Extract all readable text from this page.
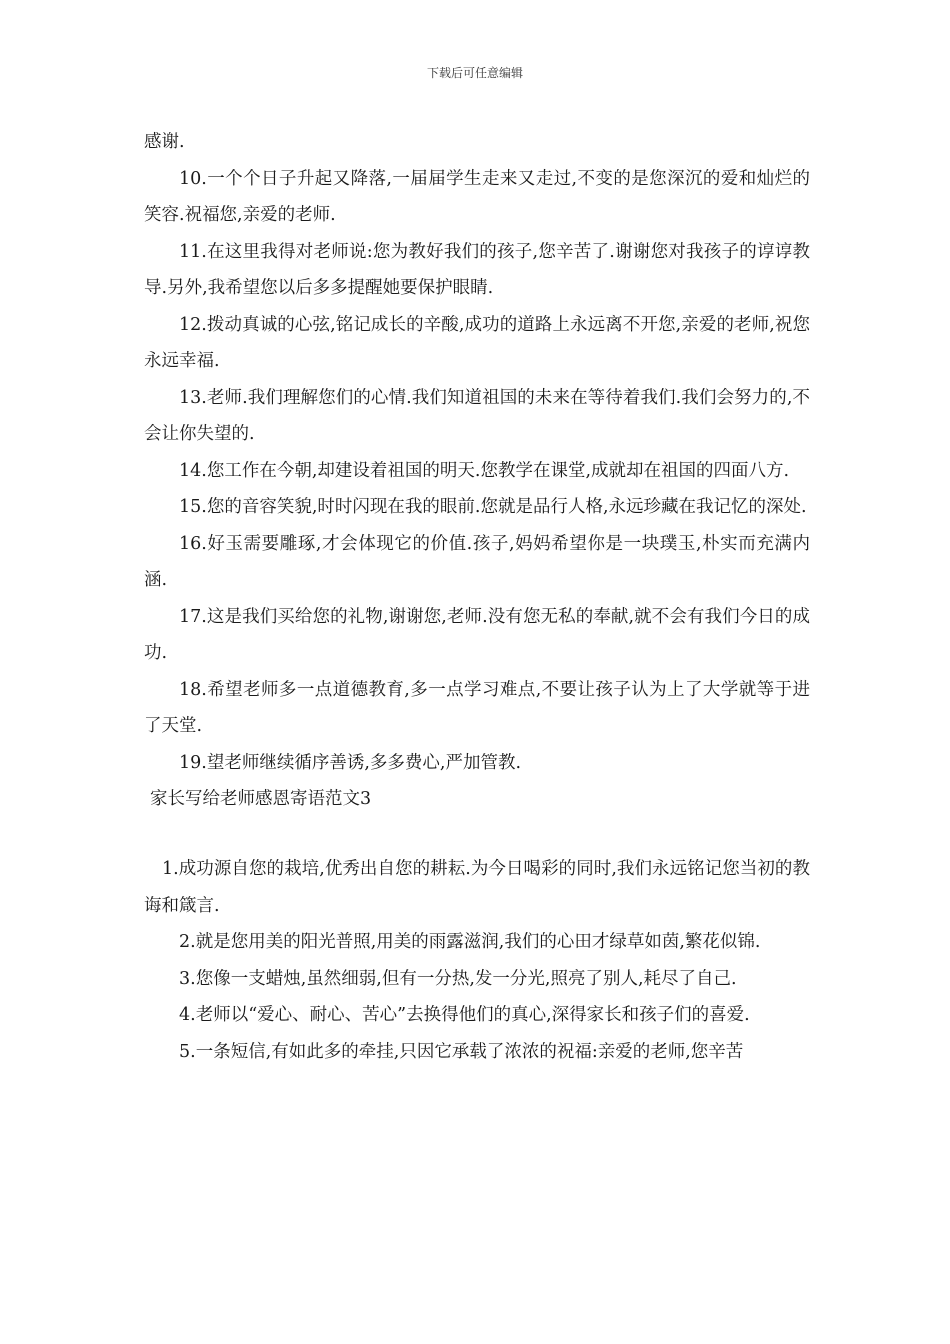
下载后可任意编辑

感谢.

10.一个个日子升起又降落,一届届学生走来又走过,不变的是您深沉的爱和灿烂的笑容.祝福您,亲爱的老师.

11.在这里我得对老师说:您为教好我们的孩子,您辛苦了.谢谢您对我孩子的谆谆教导.另外,我希望您以后多多提醒她要保护眼睛.

12.拨动真诚的心弦,铭记成长的辛酸,成功的道路上永远离不开您,亲爱的老师,祝您永远幸福.

13.老师.我们理解您们的心情.我们知道祖国的未来在等待着我们.我们会努力的,不会让你失望的.

14.您工作在今朝,却建设着祖国的明天.您教学在课堂,成就却在祖国的四面八方.

15.您的音容笑貌,时时闪现在我的眼前.您就是品行人格,永远珍藏在我记忆的深处.

16.好玉需要雕琢,才会体现它的价值.孩子,妈妈希望你是一块璞玉,朴实而充满内涵.

17.这是我们买给您的礼物,谢谢您,老师.没有您无私的奉献,就不会有我们今日的成功.

18.希望老师多一点道德教育,多一点学习难点,不要让孩子认为上了大学就等于进了天堂.

19.望老师继续循序善诱,多多费心,严加管教.

家长写给老师感恩寄语范文3

1.成功源自您的栽培,优秀出自您的耕耘.为今日喝彩的同时,我们永远铭记您当初的教诲和箴言.

2.就是您用美的阳光普照,用美的雨露滋润,我们的心田才绿草如茵,繁花似锦.

3.您像一支蜡烛,虽然细弱,但有一分热,发一分光,照亮了别人,耗尽了自己.

4.老师以“爱心、耐心、苦心”去换得他们的真心,深得家长和孩子们的喜爱.

5.一条短信,有如此多的牵挂,只因它承载了浓浓的祝福:亲爱的老师,您辛苦
